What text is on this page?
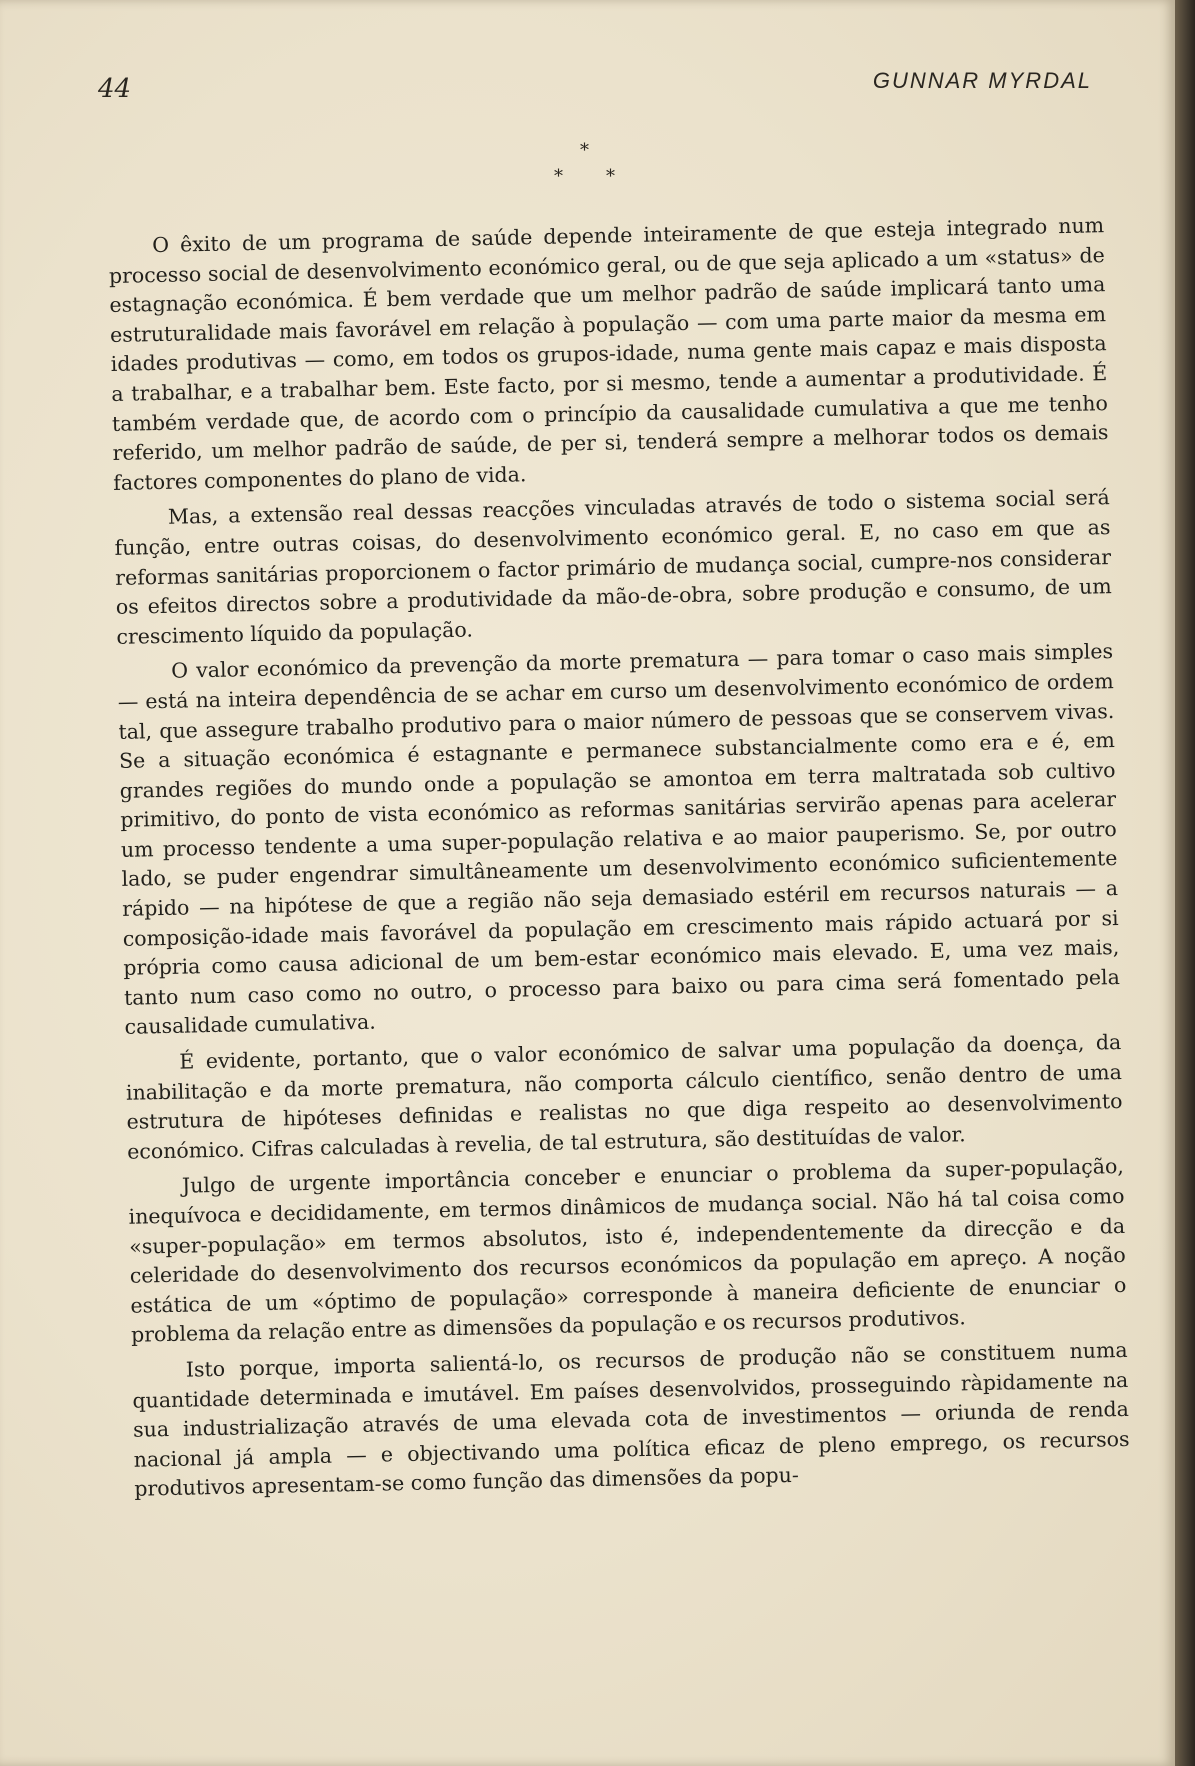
44	GUNNAR MYRDAL
*
* *

O êxito de um programa de saúde depende inteiramente de que esteja integrado num processo social de desenvolvimento económico geral, ou de que seja aplicado a um «status» de estagnação económica. É bem verdade que um melhor padrão de saúde implicará tanto uma estruturalidade mais favorável em relação à população — com uma parte maior da mesma em idades produtivas — como, em todos os grupos-idade, numa gente mais capaz e mais disposta a trabalhar, e a trabalhar bem. Este facto, por si mesmo, tende a aumentar a produtividade. É também verdade que, de acordo com o princípio da causalidade cumulativa a que me tenho referido, um melhor padrão de saúde, de per si, tenderá sempre a melhorar todos os demais factores componentes do plano de vida.

Mas, a extensão real dessas reacções vinculadas através de todo o sistema social será função, entre outras coisas, do desenvolvimento económico geral. E, no caso em que as reformas sanitárias proporcionem o factor primário de mudança social, cumpre-nos considerar os efeitos directos sobre a produtividade da mão-de-obra, sobre produção e consumo, de um crescimento líquido da população.

O valor económico da prevenção da morte prematura — para tomar o caso mais simples — está na inteira dependência de se achar em curso um desenvolvimento económico de ordem tal, que assegure trabalho produtivo para o maior número de pessoas que se conservem vivas. Se a situação económica é estagnante e permanece substancialmente como era e é, em grandes regiões do mundo onde a população se amontoa em terra maltratada sob cultivo primitivo, do ponto de vista económico as reformas sanitárias servirão apenas para acelerar um processo tendente a uma super-população relativa e ao maior pauperismo. Se, por outro lado, se puder engendrar simultâneamente um desenvolvimento económico suficientemente rápido — na hipótese de que a região não seja demasiado estéril em recursos naturais — a composição-idade mais favorável da população em crescimento mais rápido actuará por si própria como causa adicional de um bem-estar económico mais elevado. E, uma vez mais, tanto num caso como no outro, o processo para baixo ou para cima será fomentado pela causalidade cumulativa.

É evidente, portanto, que o valor económico de salvar uma população da doença, da inabilitação e da morte prematura, não comporta cálculo científico, senão dentro de uma estrutura de hipóteses definidas e realistas no que diga respeito ao desenvolvimento económico. Cifras calculadas à revelia, de tal estrutura, são destituídas de valor.

Julgo de urgente importância conceber e enunciar o problema da super-população, inequívoca e decididamente, em termos dinâmicos de mudança social. Não há tal coisa como «super-população» em termos absolutos, isto é, independentemente da direcção e da celeridade do desenvolvimento dos recursos económicos da população em apreço. A noção estática de um «óptimo de população» corresponde à maneira deficiente de enunciar o problema da relação entre as dimensões da população e os recursos produtivos.

Isto porque, importa salientá-lo, os recursos de produção não se constituem numa quantidade determinada e imutável. Em países desenvolvidos, prosseguindo ràpidamente na sua industrialização através de uma elevada cota de investimentos — oriunda de renda nacional já ampla — e objectivando uma política eficaz de pleno emprego, os recursos produtivos apresentam-se como função das dimensões da popu-
